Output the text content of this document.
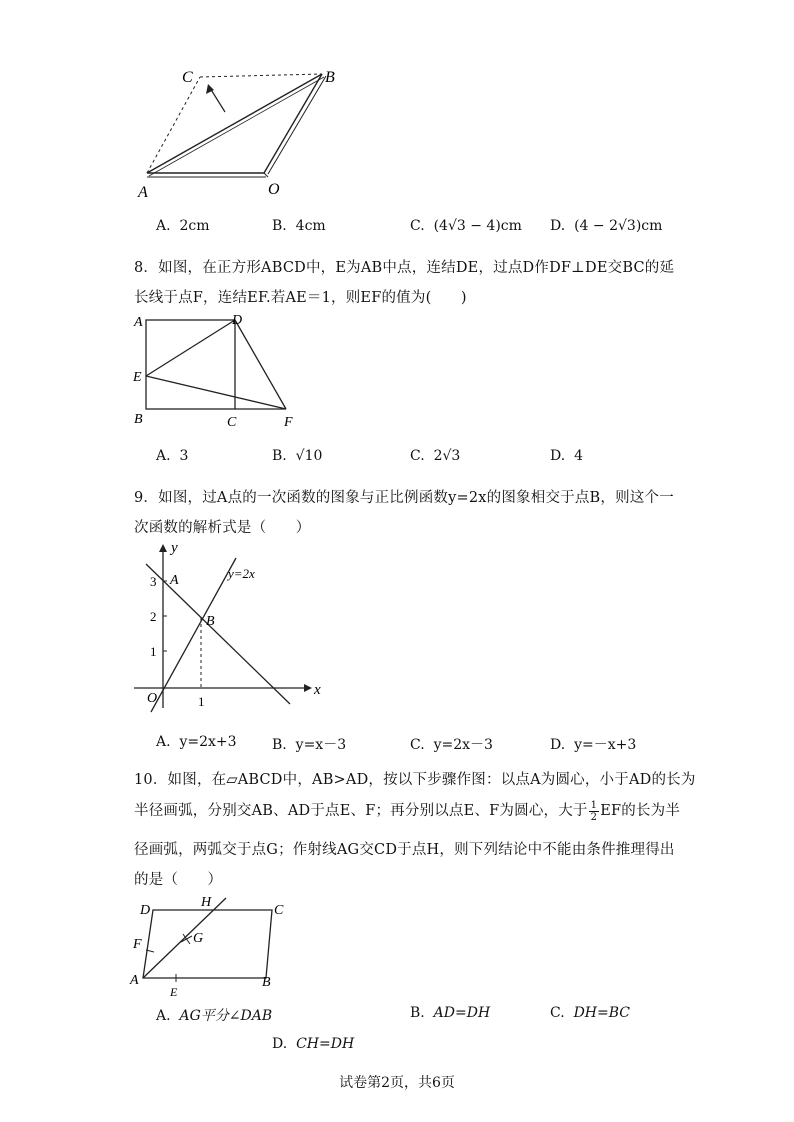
C	B
A	O
A. 2cm	B. 4cm	C. (4√3 − 4)cm D. (4 − 2√3)cm
8．如图，在正方形ABCD中，E为AB中点，连结DE，过点D作DF⊥DE交BC的延
长线于点F，连结EF.若AE＝1，则EF的值为(　　)
A	D
E
B	C	F
A. 3	B. √10	C. 2√3	D. 4
9．如图，过A点的一次函数的图象与正比例函数y=2x的图象相交于点B，则这个一
次函数的解析式是（　　）
y
x
O
A
B
y=2x
3
2
1
1
A. y=2x+3	B. y=x－3	C. y=2x－3	D. y=－x+3
10．如图，在▱ABCD中，AB>AD，按以下步骤作图：以点A为圆心，小于AD的长为
半径画弧，分别交AB、AD于点E、F；再分别以点E、F为圆心，大于 $\frac{1}{2}$ EF的长为半
径画弧，两弧交于点G；作射线AG交CD于点H，则下列结论中不能由条件推理得出
的是（　　）
D
H
C
F	G
A
E
B
A. AG平分∠DAB	B. AD=DH	C. DH=BC
D. CH=DH
试卷第2页，共6页
